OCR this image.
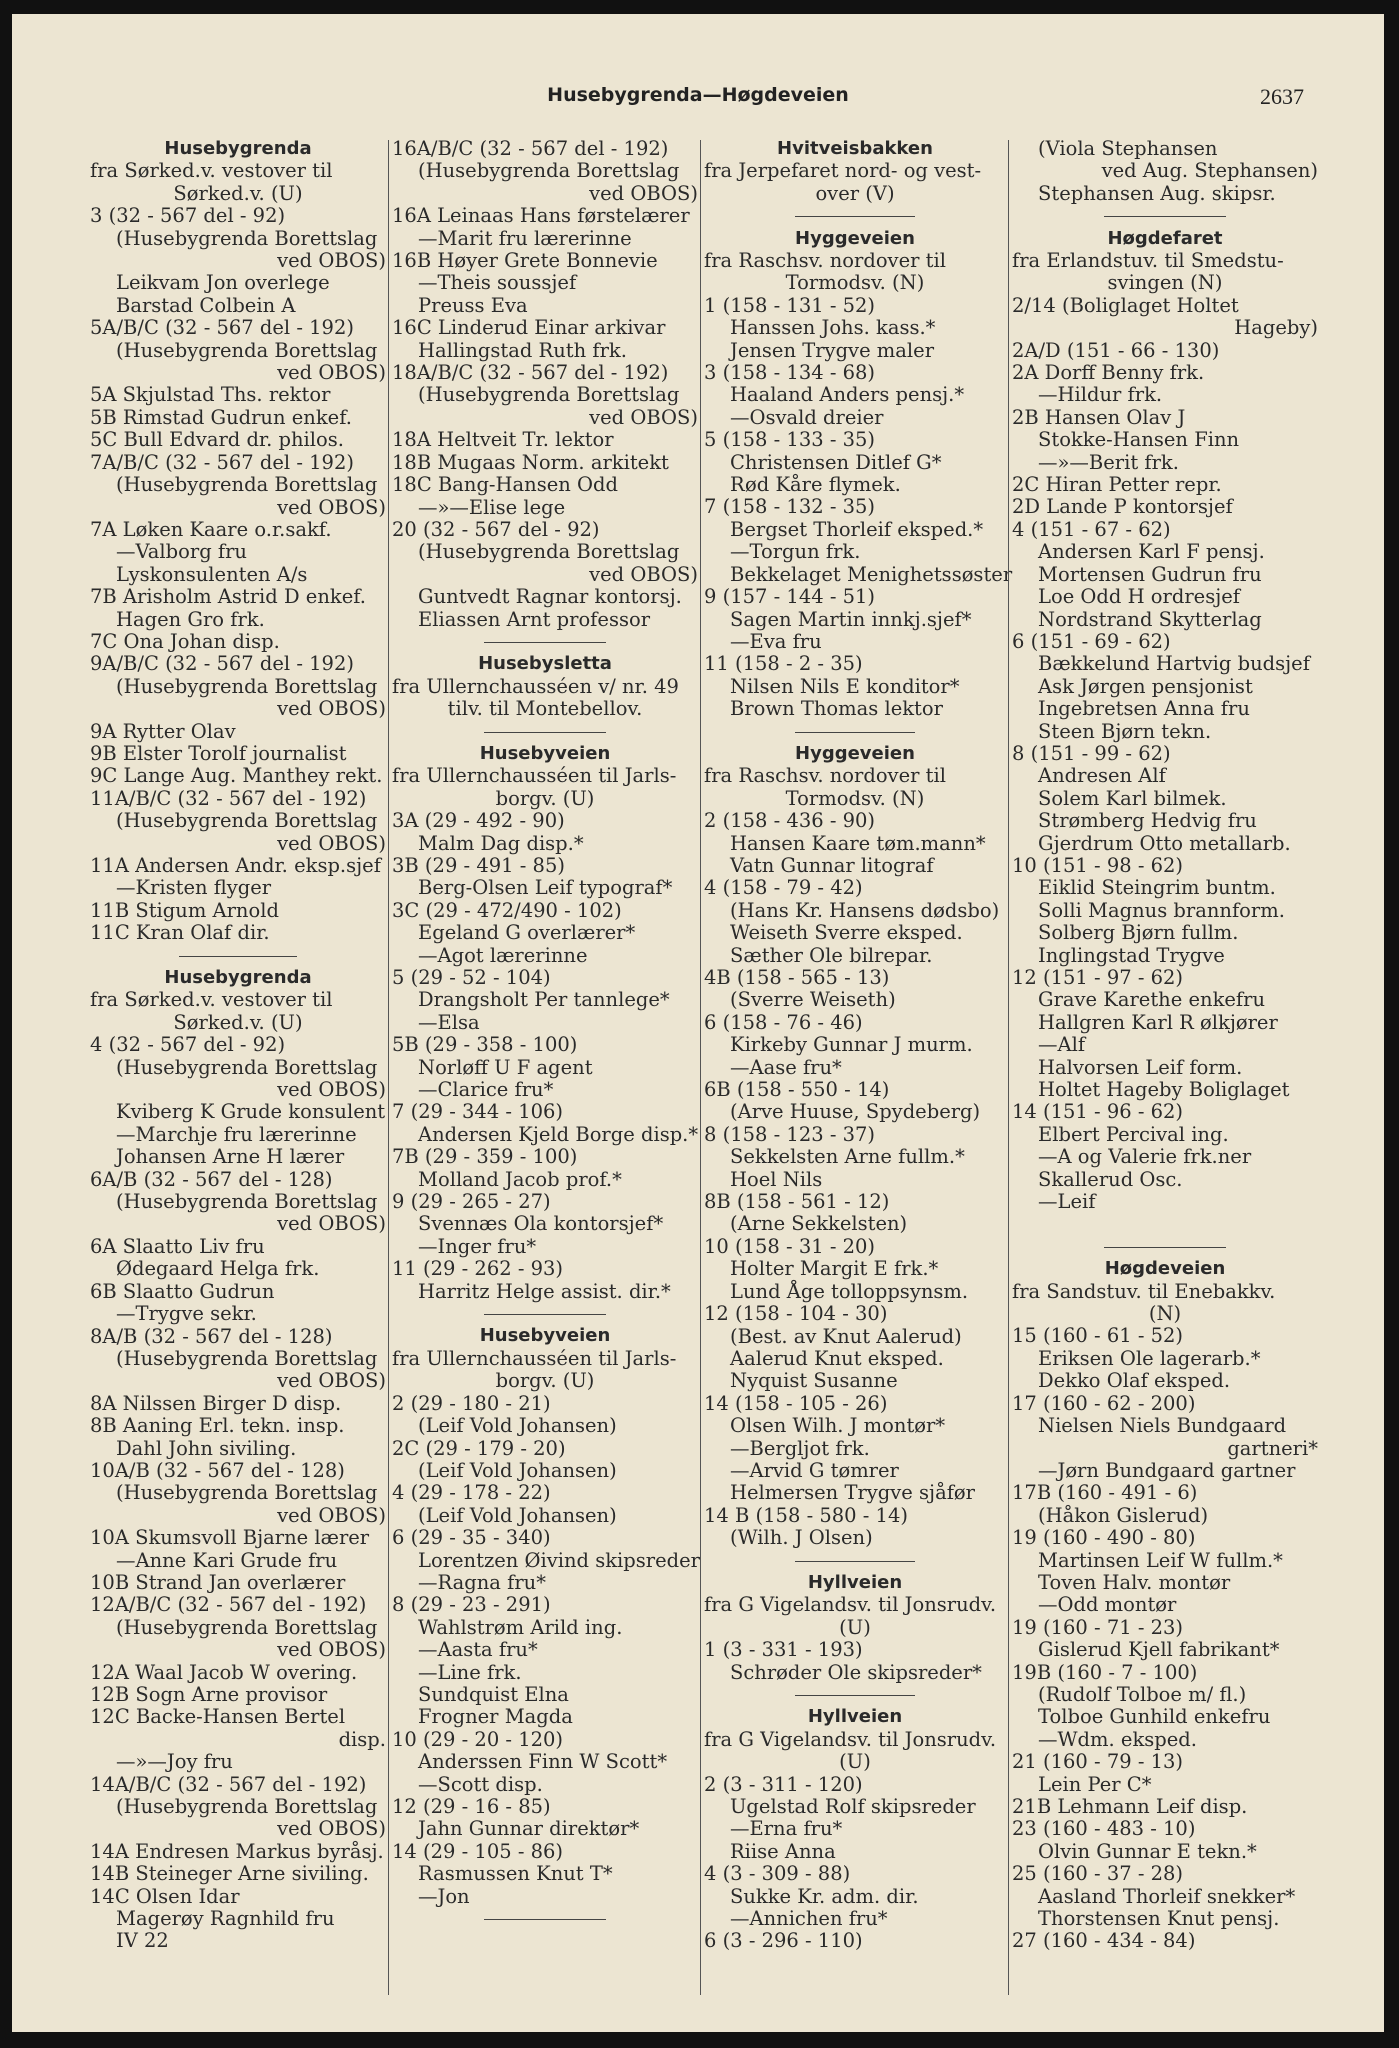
Husebygrenda—Høgdeveien	2637
Husebygrenda
fra Sørked.v. vestover til
Sørked.v. (U)
3 (32 - 567 del - 92)
(Husebygrenda Borettslag
ved OBOS)
Leikvam Jon overlege
Barstad Colbein A
5A/B/C (32 - 567 del - 192)
(Husebygrenda Borettslag
ved OBOS)
5A Skjulstad Ths. rektor
5B Rimstad Gudrun enkef.
5C Bull Edvard dr. philos.
7A/B/C (32 - 567 del - 192)
(Husebygrenda Borettslag
ved OBOS)
7A Løken Kaare o.r.sakf.
—Valborg fru
Lyskonsulenten A/s
7B Arisholm Astrid D enkef.
Hagen Gro frk.
7C Ona Johan disp.
9A/B/C (32 - 567 del - 192)
(Husebygrenda Borettslag
ved OBOS)
9A Rytter Olav
9B Elster Torolf journalist
9C Lange Aug. Manthey rekt.
11A/B/C (32 - 567 del - 192)
(Husebygrenda Borettslag
ved OBOS)
11A Andersen Andr. eksp.sjef
—Kristen flyger
11B Stigum Arnold
11C Kran Olaf dir.
Husebygrenda
fra Sørked.v. vestover til
Sørked.v. (U)
4 (32 - 567 del - 92)
(Husebygrenda Borettslag
ved OBOS)
Kviberg K Grude konsulent
—Marchje fru lærerinne
Johansen Arne H lærer
6A/B (32 - 567 del - 128)
(Husebygrenda Borettslag
ved OBOS)
6A Slaatto Liv fru
Ødegaard Helga frk.
6B Slaatto Gudrun
—Trygve sekr.
8A/B (32 - 567 del - 128)
(Husebygrenda Borettslag
ved OBOS)
8A Nilssen Birger D disp.
8B Aaning Erl. tekn. insp.
Dahl John siviling.
10A/B (32 - 567 del - 128)
(Husebygrenda Borettslag
ved OBOS)
10A Skumsvoll Bjarne lærer
—Anne Kari Grude fru
10B Strand Jan overlærer
12A/B/C (32 - 567 del - 192)
(Husebygrenda Borettslag
ved OBOS)
12A Waal Jacob W overing.
12B Sogn Arne provisor
12C Backe-Hansen Bertel
disp.
—»—Joy fru
14A/B/C (32 - 567 del - 192)
(Husebygrenda Borettslag
ved OBOS)
14A Endresen Markus byråsj.
14B Steineger Arne siviling.
14C Olsen Idar
Magerøy Ragnhild fru
IV 22
16A/B/C (32 - 567 del - 192)
(Husebygrenda Borettslag
ved OBOS)
16A Leinaas Hans førstelærer
—Marit fru lærerinne
16B Høyer Grete Bonnevie
—Theis soussjef
Preuss Eva
16C Linderud Einar arkivar
Hallingstad Ruth frk.
18A/B/C (32 - 567 del - 192)
(Husebygrenda Borettslag
ved OBOS)
18A Heltveit Tr. lektor
18B Mugaas Norm. arkitekt
18C Bang-Hansen Odd
—»—Elise lege
20 (32 - 567 del - 92)
(Husebygrenda Borettslag
ved OBOS)
Guntvedt Ragnar kontorsj.
Eliassen Arnt professor
Husebysletta
fra Ullernchausséen v/ nr. 49
tilv. til Montebellov.
Husebyveien
fra Ullernchausséen til Jarls-
borgv. (U)
3A (29 - 492 - 90)
Malm Dag disp.*
3B (29 - 491 - 85)
Berg-Olsen Leif typograf*
3C (29 - 472/490 - 102)
Egeland G overlærer*
—Agot lærerinne
5 (29 - 52 - 104)
Drangsholt Per tannlege*
—Elsa
5B (29 - 358 - 100)
Norløff U F agent
—Clarice fru*
7 (29 - 344 - 106)
Andersen Kjeld Borge disp.*
7B (29 - 359 - 100)
Molland Jacob prof.*
9 (29 - 265 - 27)
Svennæs Ola kontorsjef*
—Inger fru*
11 (29 - 262 - 93)
Harritz Helge assist. dir.*
Husebyveien
fra Ullernchausséen til Jarls-
borgv. (U)
2 (29 - 180 - 21)
(Leif Vold Johansen)
2C (29 - 179 - 20)
(Leif Vold Johansen)
4 (29 - 178 - 22)
(Leif Vold Johansen)
6 (29 - 35 - 340)
Lorentzen Øivind skipsreder
—Ragna fru*
8 (29 - 23 - 291)
Wahlstrøm Arild ing.
—Aasta fru*
—Line frk.
Sundquist Elna
Frogner Magda
10 (29 - 20 - 120)
Anderssen Finn W Scott*
—Scott disp.
12 (29 - 16 - 85)
Jahn Gunnar direktør*
14 (29 - 105 - 86)
Rasmussen Knut T*
—Jon
Hvitveisbakken
fra Jerpefaret nord- og vest-
over (V)
Hyggeveien
fra Raschsv. nordover til
Tormodsv. (N)
1 (158 - 131 - 52)
Hanssen Johs. kass.*
Jensen Trygve maler
3 (158 - 134 - 68)
Haaland Anders pensj.*
—Osvald dreier
5 (158 - 133 - 35)
Christensen Ditlef G*
Rød Kåre flymek.
7 (158 - 132 - 35)
Bergset Thorleif eksped.*
—Torgun frk.
Bekkelaget Menighetssøster
9 (157 - 144 - 51)
Sagen Martin innkj.sjef*
—Eva fru
11 (158 - 2 - 35)
Nilsen Nils E konditor*
Brown Thomas lektor
Hyggeveien
fra Raschsv. nordover til
Tormodsv. (N)
2 (158 - 436 - 90)
Hansen Kaare tøm.mann*
Vatn Gunnar litograf
4 (158 - 79 - 42)
(Hans Kr. Hansens dødsbo)
Weiseth Sverre eksped.
Sæther Ole bilrepar.
4B (158 - 565 - 13)
(Sverre Weiseth)
6 (158 - 76 - 46)
Kirkeby Gunnar J murm.
—Aase fru*
6B (158 - 550 - 14)
(Arve Huuse, Spydeberg)
8 (158 - 123 - 37)
Sekkelsten Arne fullm.*
Hoel Nils
8B (158 - 561 - 12)
(Arne Sekkelsten)
10 (158 - 31 - 20)
Holter Margit E frk.*
Lund Åge tolloppsynsm.
12 (158 - 104 - 30)
(Best. av Knut Aalerud)
Aalerud Knut eksped.
Nyquist Susanne
14 (158 - 105 - 26)
Olsen Wilh. J montør*
—Bergljot frk.
—Arvid G tømrer
Helmersen Trygve sjåfør
14 B (158 - 580 - 14)
(Wilh. J Olsen)
Hyllveien
fra G Vigelandsv. til Jonsrudv.
(U)
1 (3 - 331 - 193)
Schrøder Ole skipsreder*
Hyllveien
fra G Vigelandsv. til Jonsrudv.
(U)
2 (3 - 311 - 120)
Ugelstad Rolf skipsreder
—Erna fru*
Riise Anna
4 (3 - 309 - 88)
Sukke Kr. adm. dir.
—Annichen fru*
6 (3 - 296 - 110)
(Viola Stephansen
ved Aug. Stephansen)
Stephansen Aug. skipsr.
Høgdefaret
fra Erlandstuv. til Smedstu-
svingen (N)
2/14 (Boliglaget Holtet
Hageby)
2A/D (151 - 66 - 130)
2A Dorff Benny frk.
—Hildur frk.
2B Hansen Olav J
Stokke-Hansen Finn
—»—Berit frk.
2C Hiran Petter repr.
2D Lande P kontorsjef
4 (151 - 67 - 62)
Andersen Karl F pensj.
Mortensen Gudrun fru
Loe Odd H ordresjef
Nordstrand Skytterlag
6 (151 - 69 - 62)
Bækkelund Hartvig budsjef
Ask Jørgen pensjonist
Ingebretsen Anna fru
Steen Bjørn tekn.
8 (151 - 99 - 62)
Andresen Alf
Solem Karl bilmek.
Strømberg Hedvig fru
Gjerdrum Otto metallarb.
10 (151 - 98 - 62)
Eiklid Steingrim buntm.
Solli Magnus brannform.
Solberg Bjørn fullm.
Inglingstad Trygve
12 (151 - 97 - 62)
Grave Karethe enkefru
Hallgren Karl R ølkjører
—Alf
Halvorsen Leif form.
Holtet Hageby Boliglaget
14 (151 - 96 - 62)
Elbert Percival ing.
—A og Valerie frk.ner
Skallerud Osc.
—Leif
Høgdeveien
fra Sandstuv. til Enebakkv.
(N)
15 (160 - 61 - 52)
Eriksen Ole lagerarb.*
Dekko Olaf eksped.
17 (160 - 62 - 200)
Nielsen Niels Bundgaard
gartneri*
—Jørn Bundgaard gartner
17B (160 - 491 - 6)
(Håkon Gislerud)
19 (160 - 490 - 80)
Martinsen Leif W fullm.*
Toven Halv. montør
—Odd montør
19 (160 - 71 - 23)
Gislerud Kjell fabrikant*
19B (160 - 7 - 100)
(Rudolf Tolboe m/ fl.)
Tolboe Gunhild enkefru
—Wdm. eksped.
21 (160 - 79 - 13)
Lein Per C*
21B Lehmann Leif disp.
23 (160 - 483 - 10)
Olvin Gunnar E tekn.*
25 (160 - 37 - 28)
Aasland Thorleif snekker*
Thorstensen Knut pensj.
27 (160 - 434 - 84)
